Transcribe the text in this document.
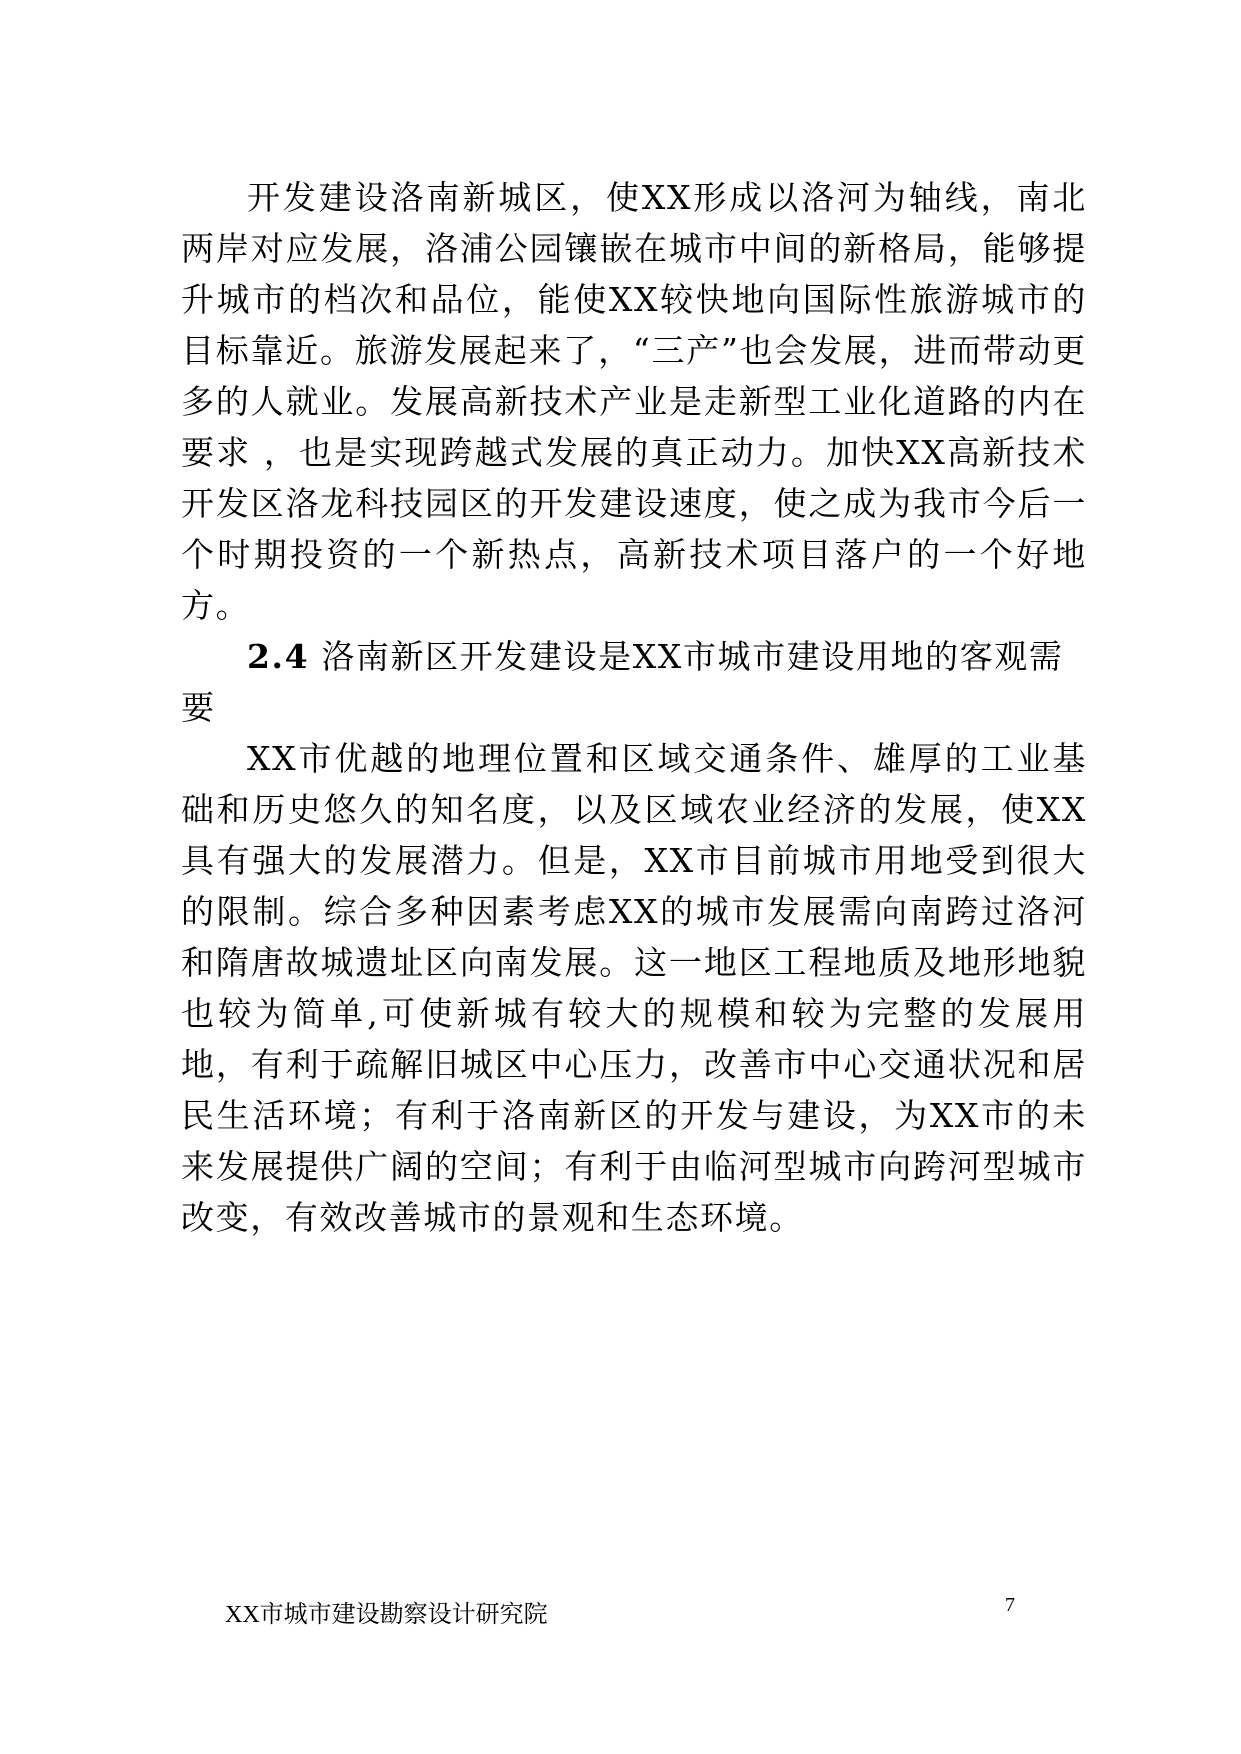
开发建设洛南新城区，使XX形成以洛河为轴线，南北两岸对应发展，洛浦公园镶嵌在城市中间的新格局，能够提升城市的档次和品位，能使XX较快地向国际性旅游城市的目标靠近。旅游发展起来了，“三产”也会发展，进而带动更多的人就业。发展高新技术产业是走新型工业化道路的内在要求 ，也是实现跨越式发展的真正动力。加快XX高新技术开发区洛龙科技园区的开发建设速度，使之成为我市今后一个时期投资的一个新热点，高新技术项目落户的一个好地方。

2.4 洛南新区开发建设是XX市城市建设用地的客观需要

XX市优越的地理位置和区域交通条件、雄厚的工业基础和历史悠久的知名度，以及区域农业经济的发展，使XX具有强大的发展潜力。但是，XX市目前城市用地受到很大的限制。综合多种因素考虑XX的城市发展需向南跨过洛河和隋唐故城遗址区向南发展。这一地区工程地质及地形地貌也较为简单,可使新城有较大的规模和较为完整的发展用地，有利于疏解旧城区中心压力，改善市中心交通状况和居民生活环境；有利于洛南新区的开发与建设，为XX市的未来发展提供广阔的空间；有利于由临河型城市向跨河型城市改变，有效改善城市的景观和生态环境。

XX市城市建设勘察设计研究院	7
